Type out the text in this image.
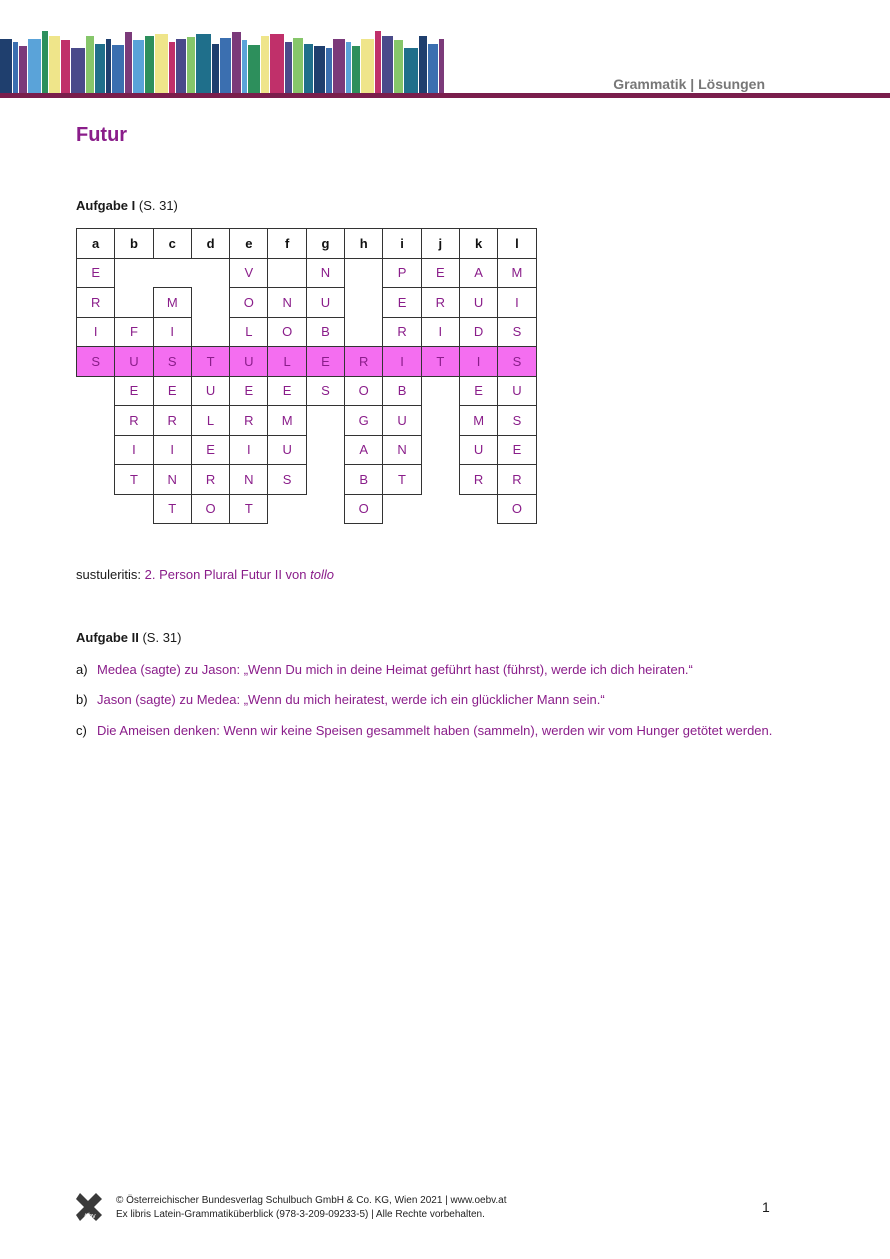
Grammatik | Lösungen
Futur
Aufgabe I (S. 31)
a	b	c	d	e	f	g	h	i	j	k	l
E				V		N		P	E	A	M
R		M		O	N	U		E	R	U	I
I	F	I		L	O	B		R	I	D	S
S	U	S	T	U	L	E	R	I	T	I	S
	E	E	U	E	E	S	O	B		E	U
	R	R	L	R	M		G	U		M	S
	I	I	E	I	U		A	N		U	E
	T	N	R	N	S		B	T		R	R
		T	O	T			O				O
sustuleritis: 2. Person Plural Futur II von tollo
Aufgabe II (S. 31)
a) Medea (sagte) zu Jason: „Wenn Du mich in deine Heimat geführt hast (führst), werde ich dich heiraten.“
b) Jason (sagte) zu Medea: „Wenn du mich heiratest, werde ich ein glücklicher Mann sein.“
c) Die Ameisen denken: Wenn wir keine Speisen gesammelt haben (sammeln), werden wir vom Hunger getötet werden.
öbv
© Österreichischer Bundesverlag Schulbuch GmbH & Co. KG, Wien 2021 | www.oebv.at
Ex libris Latein-Grammatiküberblick (978-3-209-09233-5) | Alle Rechte vorbehalten.	1
